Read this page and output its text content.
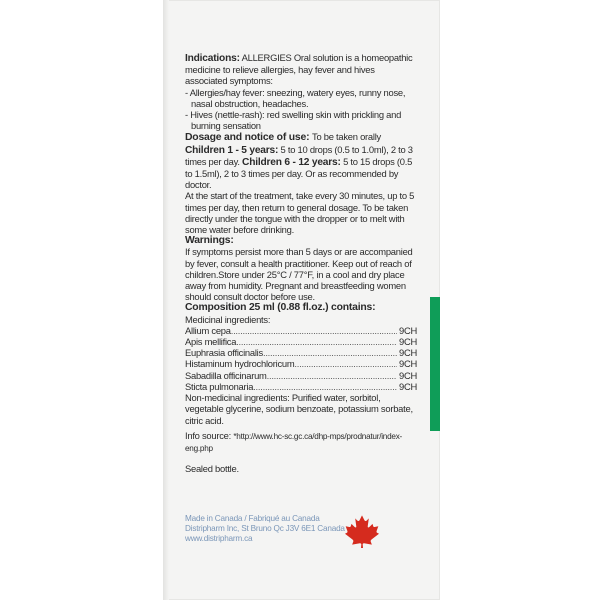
Indications: ALLERGIES Oral solution is a homeopathic medicine to relieve allergies, hay fever and hives associated symptoms:

- Allergies/hay fever: sneezing, watery eyes, runny nose, nasal obstruction, headaches.

- Hives (nettle-rash): red swelling skin with prickling and burning sensation

Dosage and notice of use: To be taken orally

Children 1 - 5 years: 5 to 10 drops (0.5 to 1.0ml), 2 to 3 times per day. Children 6 - 12 years: 5 to 15 drops (0.5 to 1.5ml), 2 to 3 times per day. Or as recommended by doctor.

At the start of the treatment, take every 30 minutes, up to 5 times per day, then return to general dosage. To be taken directly under the tongue with the dropper or to melt with some water before drinking.

Warnings:

If symptoms persist more than 5 days or are accompanied by fever, consult a health practitioner. Keep out of reach of children.Store under 25°C / 77°F, in a cool and dry place away from humidity. Pregnant and breastfeeding women should consult doctor before use.

Composition 25 ml (0.88 fl.oz.) contains:

Medicinal ingredients:

Allium cepa .....	9CH
Apis mellifica .....	9CH
Euphrasia officinalis .....	9CH
Histaminum hydrochloricum .....	9CH
Sabadilla officinarum .....	9CH
Sticta pulmonaria .....	9CH

Non-medicinal ingredients: Purified water, sorbitol, vegetable glycerine, sodium benzoate, potassium sorbate, citric acid.

Info source: *http://www.hc-sc.gc.ca/dhp-mps/prodnatur/index-eng.php

Sealed bottle.

Made in Canada / Fabriqué au Canada

Distripharm Inc, St Bruno Qc J3V 6E1 Canada

www.distripharm.ca
